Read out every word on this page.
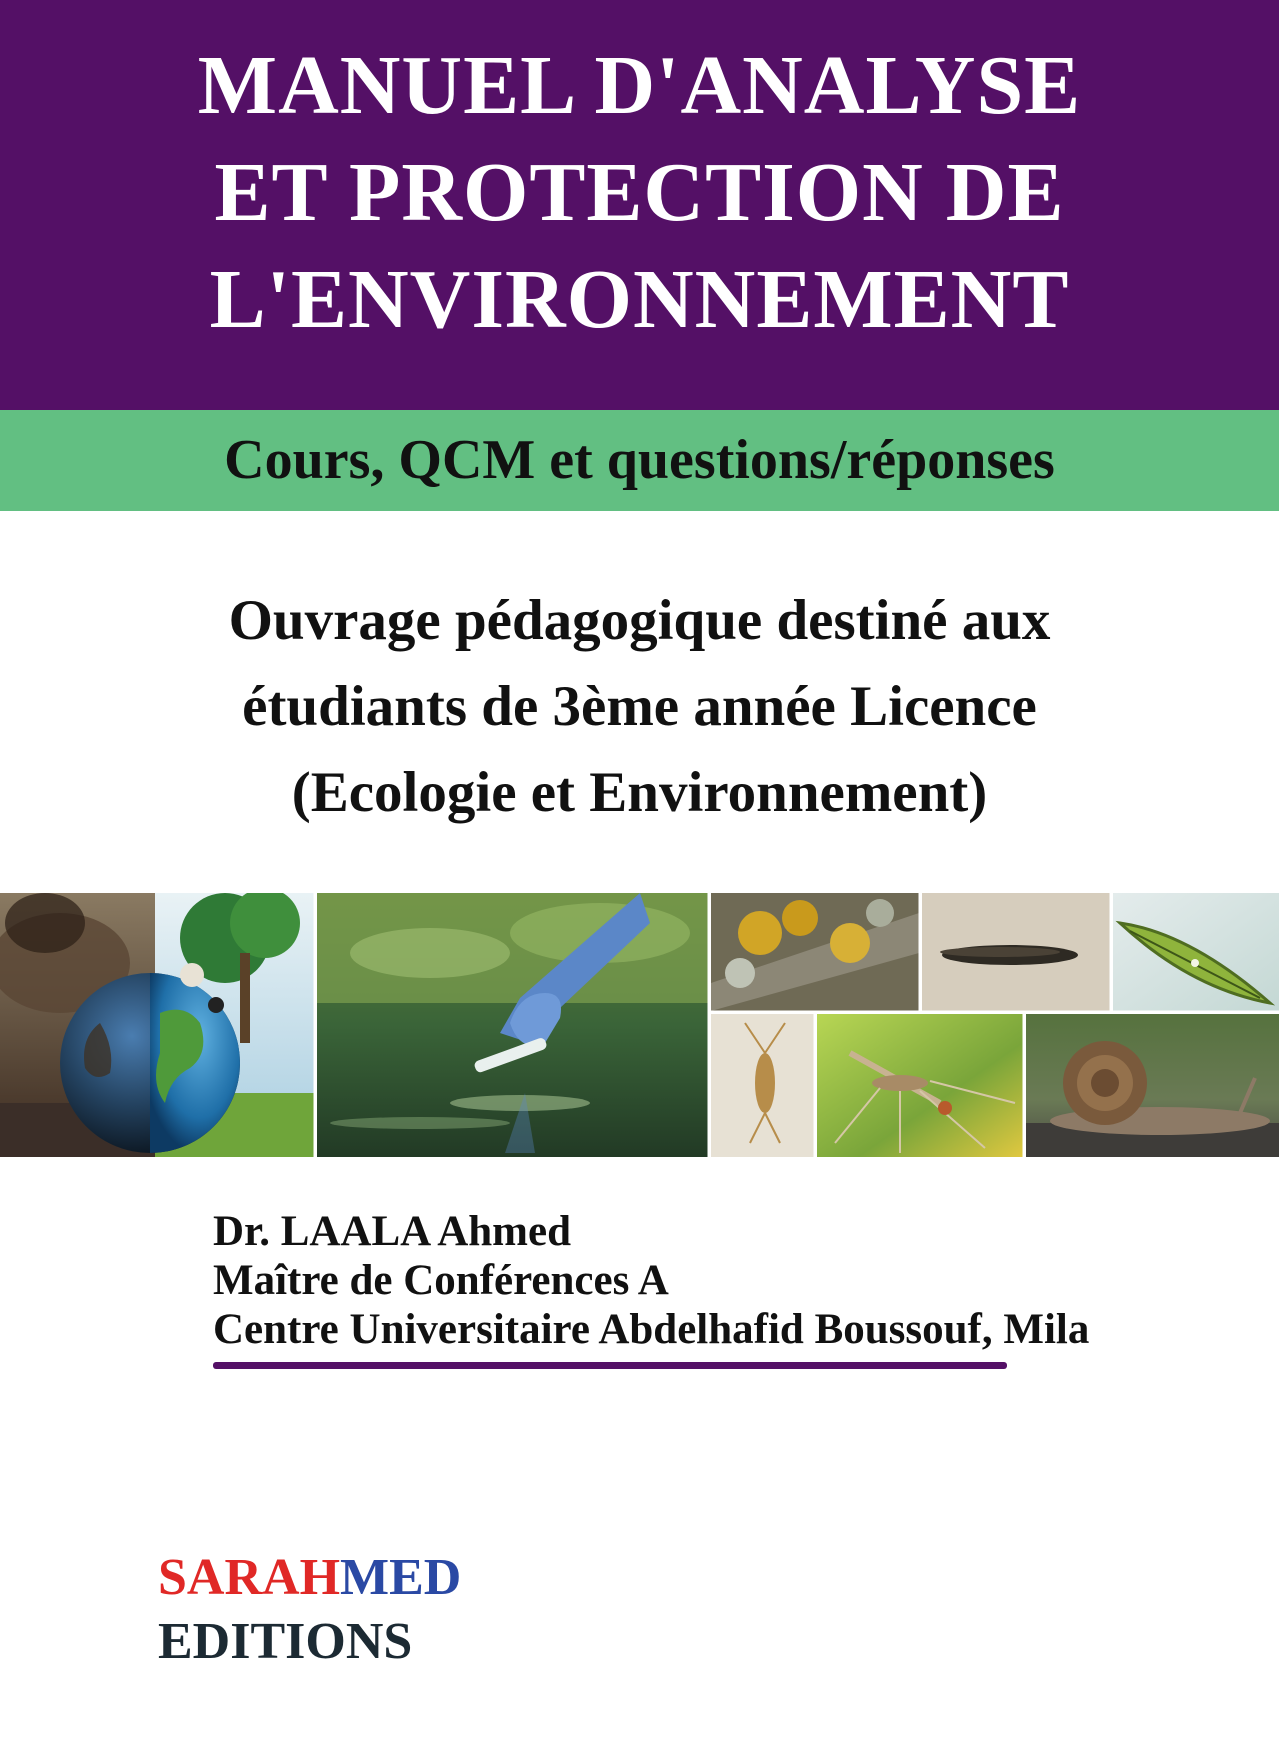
MANUEL D'ANALYSE
ET PROTECTION DE
L'ENVIRONNEMENT
Cours, QCM et questions/réponses
Ouvrage pédagogique destiné aux
étudiants de 3ème année Licence
(Ecologie et Environnement)
Dr. LAALA Ahmed
Maître de Conférences A
Centre Universitaire Abdelhafid Boussouf, Mila
SARAHMED
EDITIONS
